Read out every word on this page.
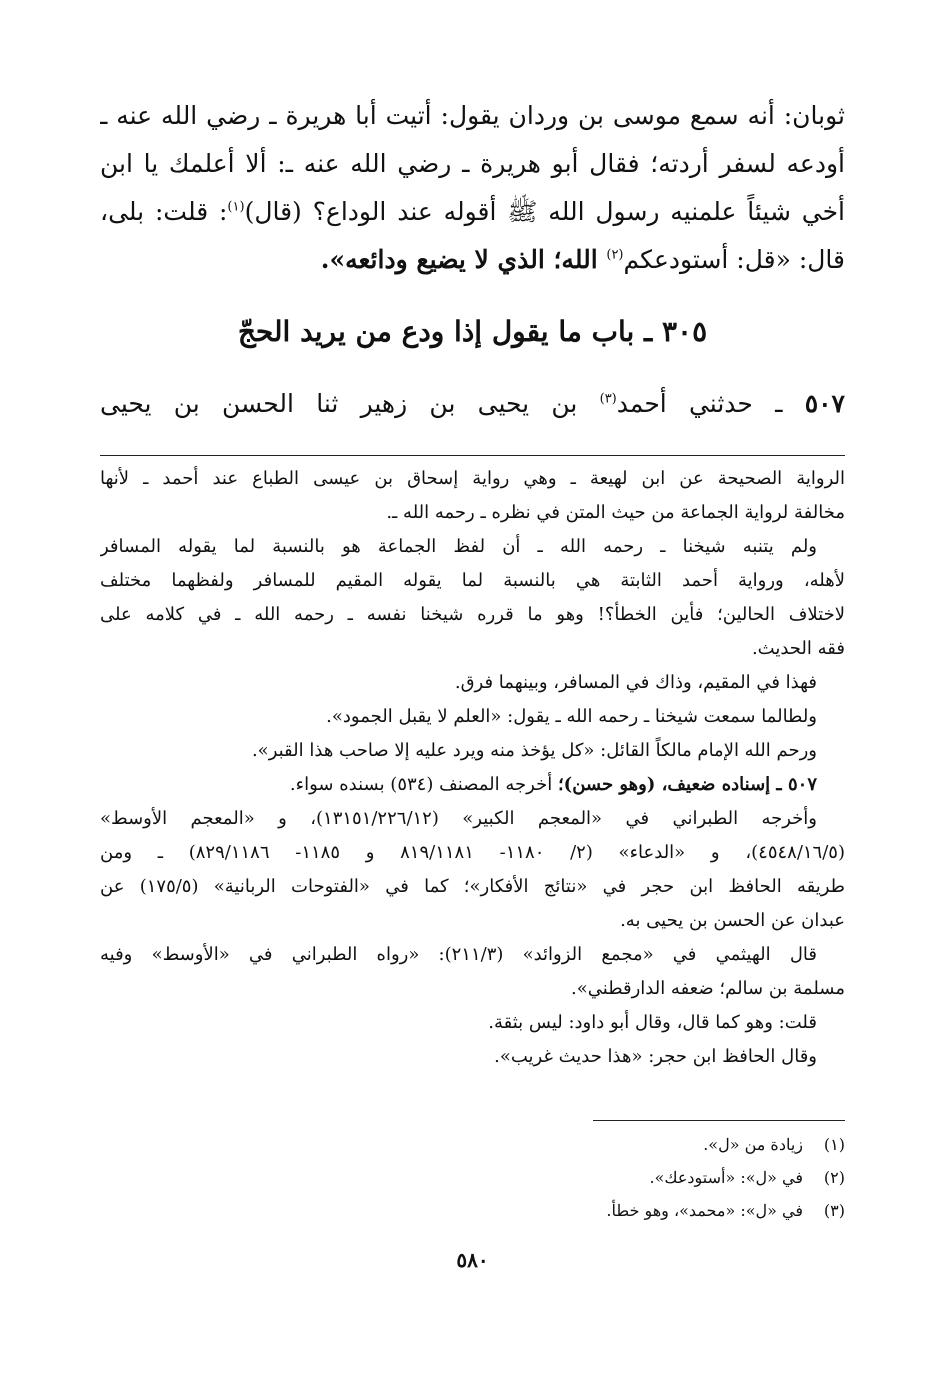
ثوبان: أنه سمع موسى بن وردان يقول: أتيت أبا هريرة ـ رضي الله عنه ـ
أودعه لسفر أردته؛ فقال أبو هريرة ـ رضي الله عنه ـ: ألا أعلمك يا ابن
أخي شيئاً علمنيه رسول الله ﷺ أقوله عند الوداع؟ (قال)$^{(١)}$: قلت: بلى،
قال: «قل: أستودعكم$^{(٢)}$ الله؛ الذي لا يضيع ودائعه».
٣٠٥ ـ باب ما يقول إذا ودع من يريد الحجّ
٥٠٧ ـ حدثني أحمد$^{(٣)}$ بن يحيى بن زهير ثنا الحسن بن يحيى
الرواية الصحيحة عن ابن لهيعة ـ وهي رواية إسحاق بن عيسى الطباع عند أحمد ـ لأنها
مخالفة لرواية الجماعة من حيث المتن في نظره ـ رحمه الله ـ.
ولم يتنبه شيخنا ـ رحمه الله ـ أن لفظ الجماعة هو بالنسبة لما يقوله المسافر
لأهله، ورواية أحمد الثابتة هي بالنسبة لما يقوله المقيم للمسافر ولفظهما مختلف
لاختلاف الحالين؛ فأين الخطأ؟! وهو ما قرره شيخنا نفسه ـ رحمه الله ـ في كلامه على
فقه الحديث.
فهذا في المقيم، وذاك في المسافر، وبينهما فرق.
ولطالما سمعت شيخنا ـ رحمه الله ـ يقول: «العلم لا يقبل الجمود».
ورحم الله الإمام مالكاً القائل: «كل يؤخذ منه ويرد عليه إلا صاحب هذا القبر».
٥٠٧ ـ إسناده ضعيف، (وهو حسن)؛ أخرجه المصنف (٥٣٤) بسنده سواء.
وأخرجه الطبراني في «المعجم الكبير» (١٣١٥١/٢٢٦/١٢)، و «المعجم الأوسط»
(٤٥٤٨/١٦/٥)، و «الدعاء» (٢/ ١١٨٠- ٨١٩/١١٨١ و ١١٨٥- ٨٢٩/١١٨٦) ـ ومن
طريقه الحافظ ابن حجر في «نتائج الأفكار»؛ كما في «الفتوحات الربانية» (١٧٥/٥) عن
عبدان عن الحسن بن يحيى به.
قال الهيثمي في «مجمع الزوائد» (٢١١/٣): «رواه الطبراني في «الأوسط» وفيه
مسلمة بن سالم؛ ضعفه الدارقطني».
قلت: وهو كما قال، وقال أبو داود: ليس بثقة.
وقال الحافظ ابن حجر: «هذا حديث غريب».
(١)زيادة من «ل».
(٢)في «ل»: «أستودعك».
(٣)في «ل»: «محمد»، وهو خطأ.
٥٨٠
